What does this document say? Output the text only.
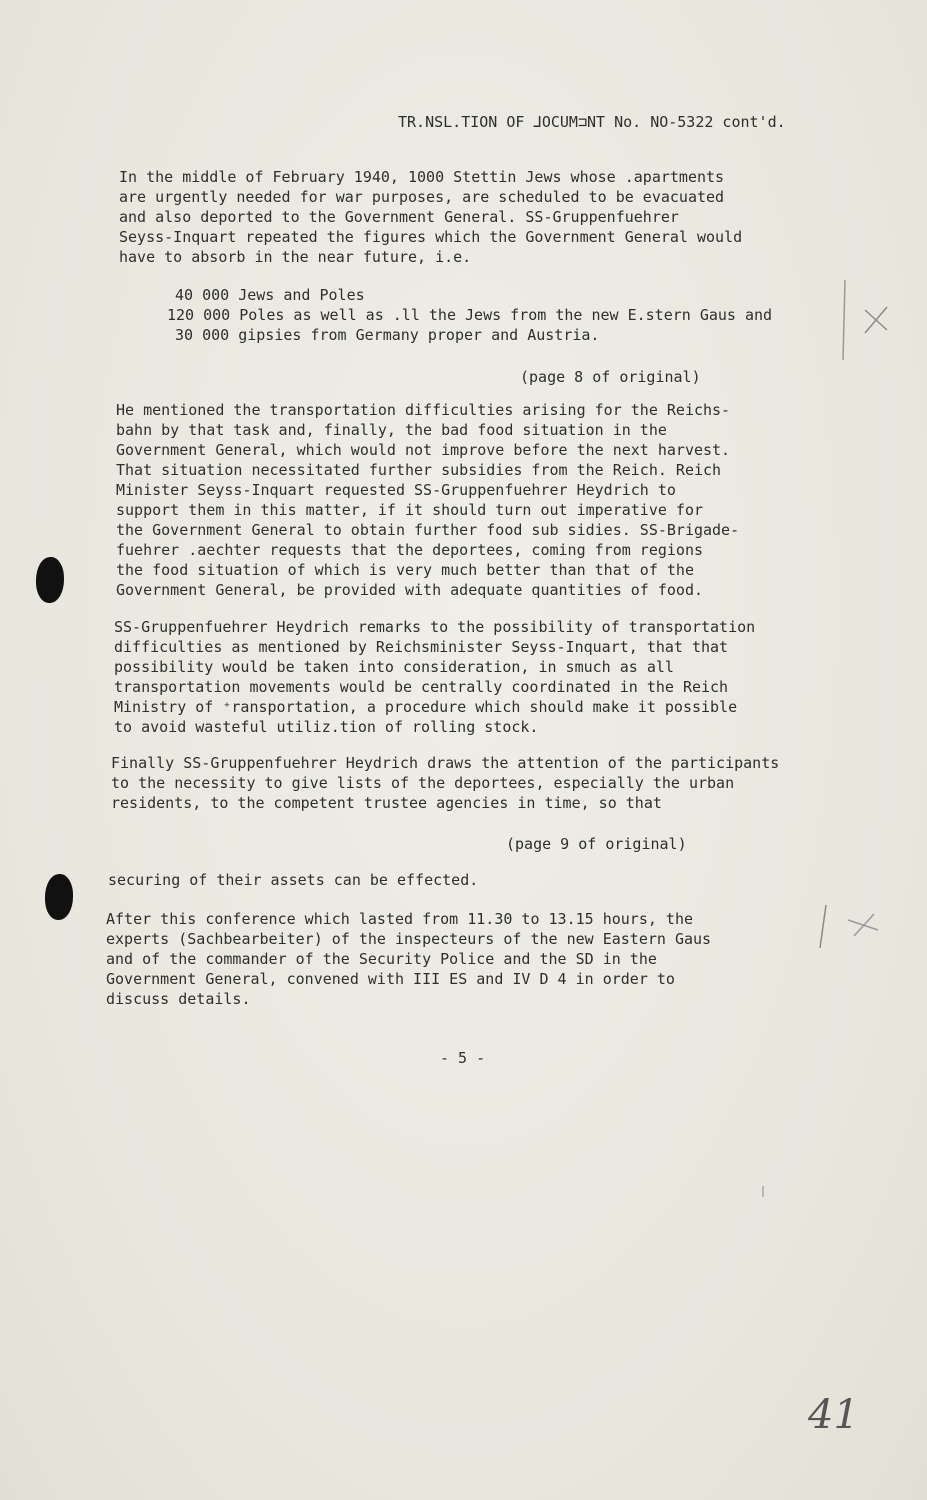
TR.NSL.TION OF ⅃OCUM⊐NT No. NO-5322 cont'd.
In the middle of February 1940, 1000 Stettin Jews whose .apartments
are urgently needed for war purposes, are scheduled to be evacuated
and also deported to the Government General. SS-Gruppenfuehrer
Seyss-Inquart repeated the figures which the Government General would
have to absorb in the near future, i.e.
40 000 Jews and Poles
120 000 Poles as well as .ll the Jews from the new E.stern Gaus and
30 000 gipsies from Germany proper and Austria.
(page 8 of original)
He mentioned the transportation difficulties arising for the Reichs-
bahn by that task and, finally, the bad food situation in the
Government General, which would not improve before the next harvest.
That situation necessitated further subsidies from the Reich. Reich
Minister Seyss-Inquart requested SS-Gruppenfuehrer Heydrich to
support them in this matter, if it should turn out imperative for
the Government General to obtain further food sub sidies. SS-Brigade-
fuehrer .aechter requests that the deportees, coming from regions
the food situation of which is very much better than that of the
Government General, be provided with adequate quantities of food.
SS-Gruppenfuehrer Heydrich remarks to the possibility of transportation
difficulties as mentioned by Reichsminister Seyss-Inquart, that that
possibility would be taken into consideration, in smuch as all
transportation movements would be centrally coordinated in the Reich
Ministry of ⁺ransportation, a procedure which should make it possible
to avoid wasteful utiliz.tion of rolling stock.
Finally SS-Gruppenfuehrer Heydrich draws the attention of the participants
to the necessity to give lists of the deportees, especially the urban
residents, to the competent trustee agencies in time, so that
(page 9 of original)
securing of their assets can be effected.
After this conference which lasted from 11.30 to 13.15 hours, the
experts (Sachbearbeiter) of the inspecteurs of the new Eastern Gaus
and of the commander of the Security Police and the SD in the
Government General, convened with III ES and IV D 4 in order to
discuss details.
- 5 -
41
